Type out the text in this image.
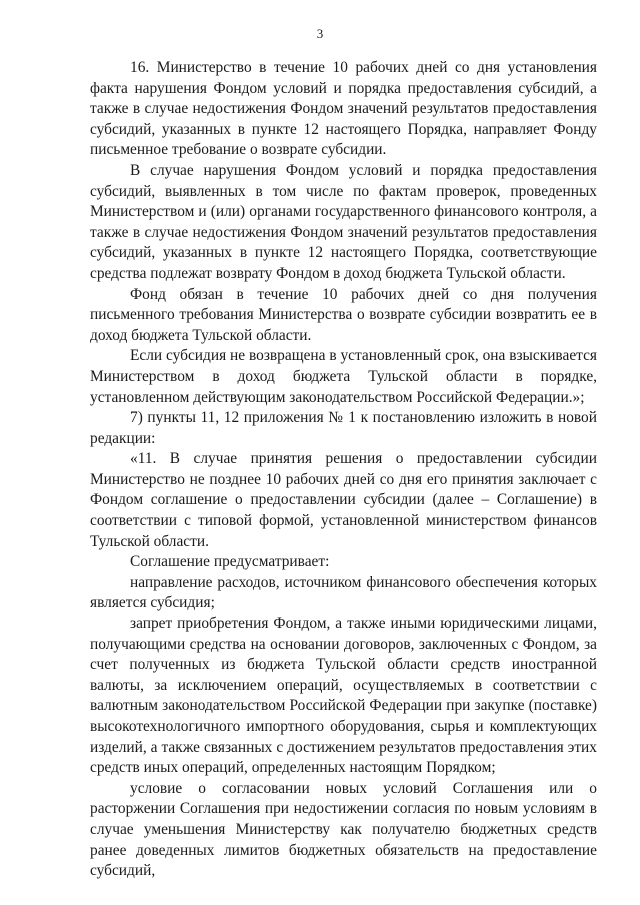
3

16. Министерство в течение 10 рабочих дней со дня установления факта нарушения Фондом условий и порядка предоставления субсидий, а также в случае недостижения Фондом значений результатов предоставления субсидий, указанных в пункте 12 настоящего Порядка, направляет Фонду письменное требование о возврате субсидии.

В случае нарушения Фондом условий и порядка предоставления субсидий, выявленных в том числе по фактам проверок, проведенных Министерством и (или) органами государственного финансового контроля, а также в случае недостижения Фондом значений результатов предоставления субсидий, указанных в пункте 12 настоящего Порядка, соответствующие средства подлежат возврату Фондом в доход бюджета Тульской области.

Фонд обязан в течение 10 рабочих дней со дня получения письменного требования Министерства о возврате субсидии возвратить ее в доход бюджета Тульской области.

Если субсидия не возвращена в установленный срок, она взыскивается Министерством в доход бюджета Тульской области в порядке, установленном действующим законодательством Российской Федерации.»;

7) пункты 11, 12 приложения № 1 к постановлению изложить в новой редакции:

«11. В случае принятия решения о предоставлении субсидии Министерство не позднее 10 рабочих дней со дня его принятия заключает с Фондом соглашение о предоставлении субсидии (далее – Соглашение) в соответствии с типовой формой, установленной министерством финансов Тульской области.

Соглашение предусматривает:

направление расходов, источником финансового обеспечения которых является субсидия;

запрет приобретения Фондом, а также иными юридическими лицами, получающими средства на основании договоров, заключенных с Фондом, за счет полученных из бюджета Тульской области средств иностранной валюты, за исключением операций, осуществляемых в соответствии с валютным законодательством Российской Федерации при закупке (поставке) высокотехнологичного импортного оборудования, сырья и комплектующих изделий, а также связанных с достижением результатов предоставления этих средств иных операций, определенных настоящим Порядком;

условие о согласовании новых условий Соглашения или о расторжении Соглашения при недостижении согласия по новым условиям в случае уменьшения Министерству как получателю бюджетных средств ранее доведенных лимитов бюджетных обязательств на предоставление субсидий,
